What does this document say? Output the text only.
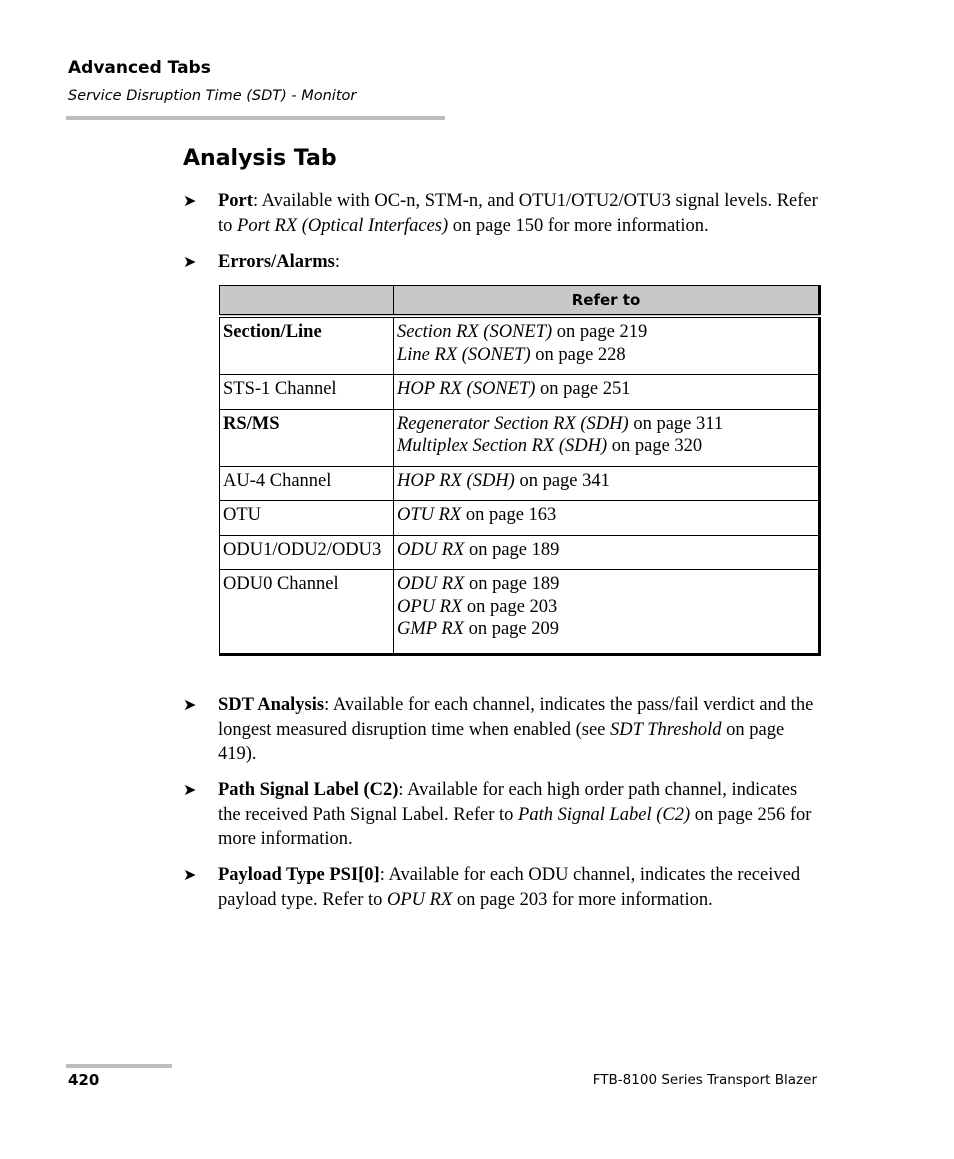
Advanced Tabs
Service Disruption Time (SDT) - Monitor
Analysis Tab
➤ Port: Available with OC-n, STM-n, and OTU1/OTU2/OTU3 signal levels. Refer to Port RX (Optical Interfaces) on page 150 for more information.
➤ Errors/Alarms:
	Refer to
Section/Line	Section RX (SONET) on page 219
Line RX (SONET) on page 228

STS-1 Channel	HOP RX (SONET) on page 251

RS/MS	Regenerator Section RX (SDH) on page 311
Multiplex Section RX (SDH) on page 320

AU-4 Channel	HOP RX (SDH) on page 341

OTU	OTU RX on page 163

ODU1/ODU2/ODU3	ODU RX on page 189

ODU0 Channel	ODU RX on page 189
OPU RX on page 203
GMP RX on page 209
➤ SDT Analysis: Available for each channel, indicates the pass/fail verdict and the longest measured disruption time when enabled (see SDT Threshold on page 419).
➤ Path Signal Label (C2): Available for each high order path channel, indicates the received Path Signal Label. Refer to Path Signal Label (C2) on page 256 for more information.
➤ Payload Type PSI[0]: Available for each ODU channel, indicates the received payload type. Refer to OPU RX on page 203 for more information.
420	FTB-8100 Series Transport Blazer
